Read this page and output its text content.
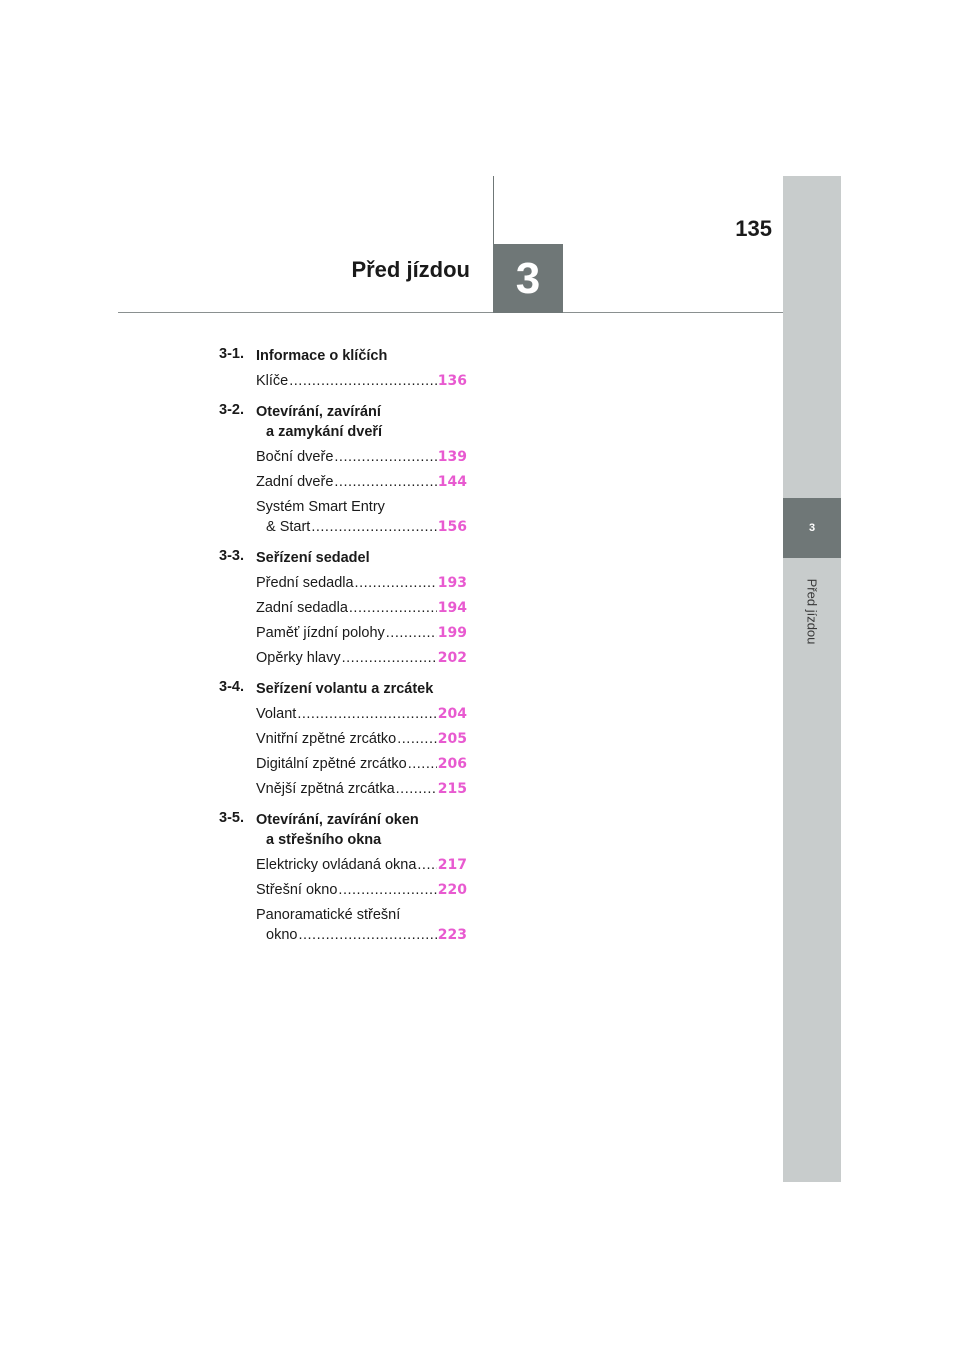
3
Před jízdou
135
Před jízdou	3
3-1. Informace o klíčích
Klíče .....	136
3-2. Otevírání, zavírání
a zamykání dveří
Boční dveře .....	139
Zadní dveře .....	144
Systém Smart Entry
& Start .....	156
3-3. Seřízení sedadel
Přední sedadla .....	193
Zadní sedadla .....	194
Paměť jízdní polohy .....	199
Opěrky hlavy .....	202
3-4. Seřízení volantu a zrcátek
Volant .....	204
Vnitřní zpětné zrcátko .....	205
Digitální zpětné zrcátko ..... 206
Vnější zpětná zrcátka .....	215
3-5. Otevírání, zavírání oken
a střešního okna
Elektricky ovládaná okna ..... 217
Střešní okno .....	220
Panoramatické střešní
okno .....	223
